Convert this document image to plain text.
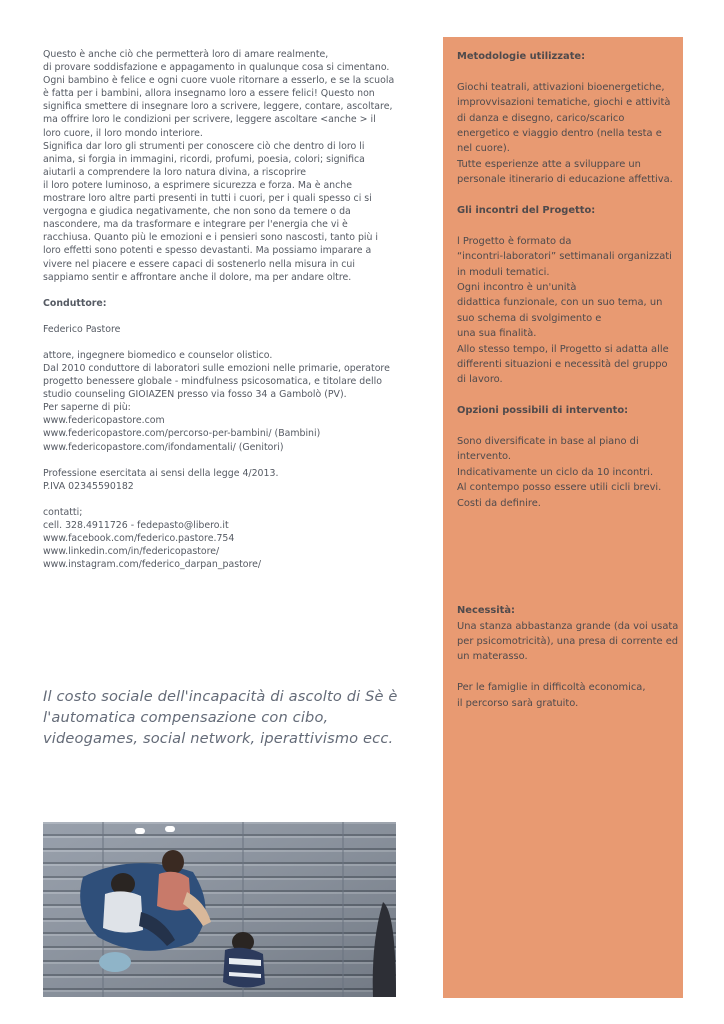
Questo è anche ciò che permetterà loro di amare realmente,
di provare soddisfazione e appagamento in qualunque cosa si cimentano.
Ogni bambino è felice e ogni cuore vuole ritornare a esserlo, e se la scuola è fatta per i bambini, allora insegnamo loro a essere felici! Questo non significa smettere di insegnare loro a scrivere, leggere, contare, ascoltare, ma offrire loro le condizioni per scrivere, leggere ascoltare <anche > il loro cuore, il loro mondo interiore.
Significa dar loro gli strumenti per conoscere ciò che dentro di loro li anima, si forgia in immagini, ricordi, profumi, poesia, colori; significa aiutarli a comprendere la loro natura divina, a riscoprire
il loro potere luminoso, a esprimere sicurezza e forza. Ma è anche mostrare loro altre parti presenti in tutti i cuori, per i quali spesso ci si vergogna e giudica negativamente, che non sono da temere o da nascondere, ma da trasformare e integrare per l'energia che vi è racchiusa. Quanto più le emozioni e i pensieri sono nascosti, tanto più i loro effetti sono potenti e spesso devastanti. Ma possiamo imparare a vivere nel piacere e essere capaci di sostenerlo nella misura in cui sappiamo sentir e affrontare anche il dolore, ma per andare oltre.

Conduttore:

Federico Pastore

attore, ingegnere biomedico e counselor olistico.
Dal 2010 conduttore di laboratori sulle emozioni nelle primarie, operatore progetto benessere globale - mindfulness psicosomatica, e titolare dello studio counseling GIOIAZEN presso via fosso 34 a Gambolò (PV).
Per saperne di più:
www.federicopastore.com
www.federicopastore.com/percorso-per-bambini/ (Bambini)
www.federicopastore.com/ifondamentali/ (Genitori)

Professione esercitata ai sensi della legge 4/2013.
P.IVA 02345590182

contatti;
cell. 328.4911726 - fedepasto@libero.it
www.facebook.com/federico.pastore.754
www.linkedin.com/in/federicopastore/
www.instagram.com/federico_darpan_pastore/

Il costo sociale dell'incapacità di ascolto di Sè è l'automatica compensazione con cibo, videogames, social network, iperattivismo ecc.

Metodologie utilizzate:

Giochi teatrali, attivazioni bioenergetiche, improvvisazioni tematiche, giochi e attività di danza e disegno, carico/scarico energetico e viaggio dentro (nella testa e nel cuore).
Tutte esperienze atte a sviluppare un personale itinerario di educazione affettiva.

Gli incontri del Progetto:

l Progetto è formato da
“incontri-laboratori” settimanali organizzati in moduli tematici.
Ogni incontro è un'unità
didattica funzionale, con un suo tema, un suo schema di svolgimento e
una sua finalità.
Allo stesso tempo, il Progetto si adatta alle differenti situazioni e necessità del gruppo di lavoro.

Opzioni possibili di intervento:

Sono diversificate in base al piano di intervento.
Indicativamente un ciclo da 10 incontri.
Al contempo posso essere utili cicli brevi.
Costi da definire.

Necessità:

Una stanza abbastanza grande (da voi usata per psicomotricità), una presa di corrente ed un materasso.

Per le famiglie in difficoltà economica,
il percorso sarà gratuito.
